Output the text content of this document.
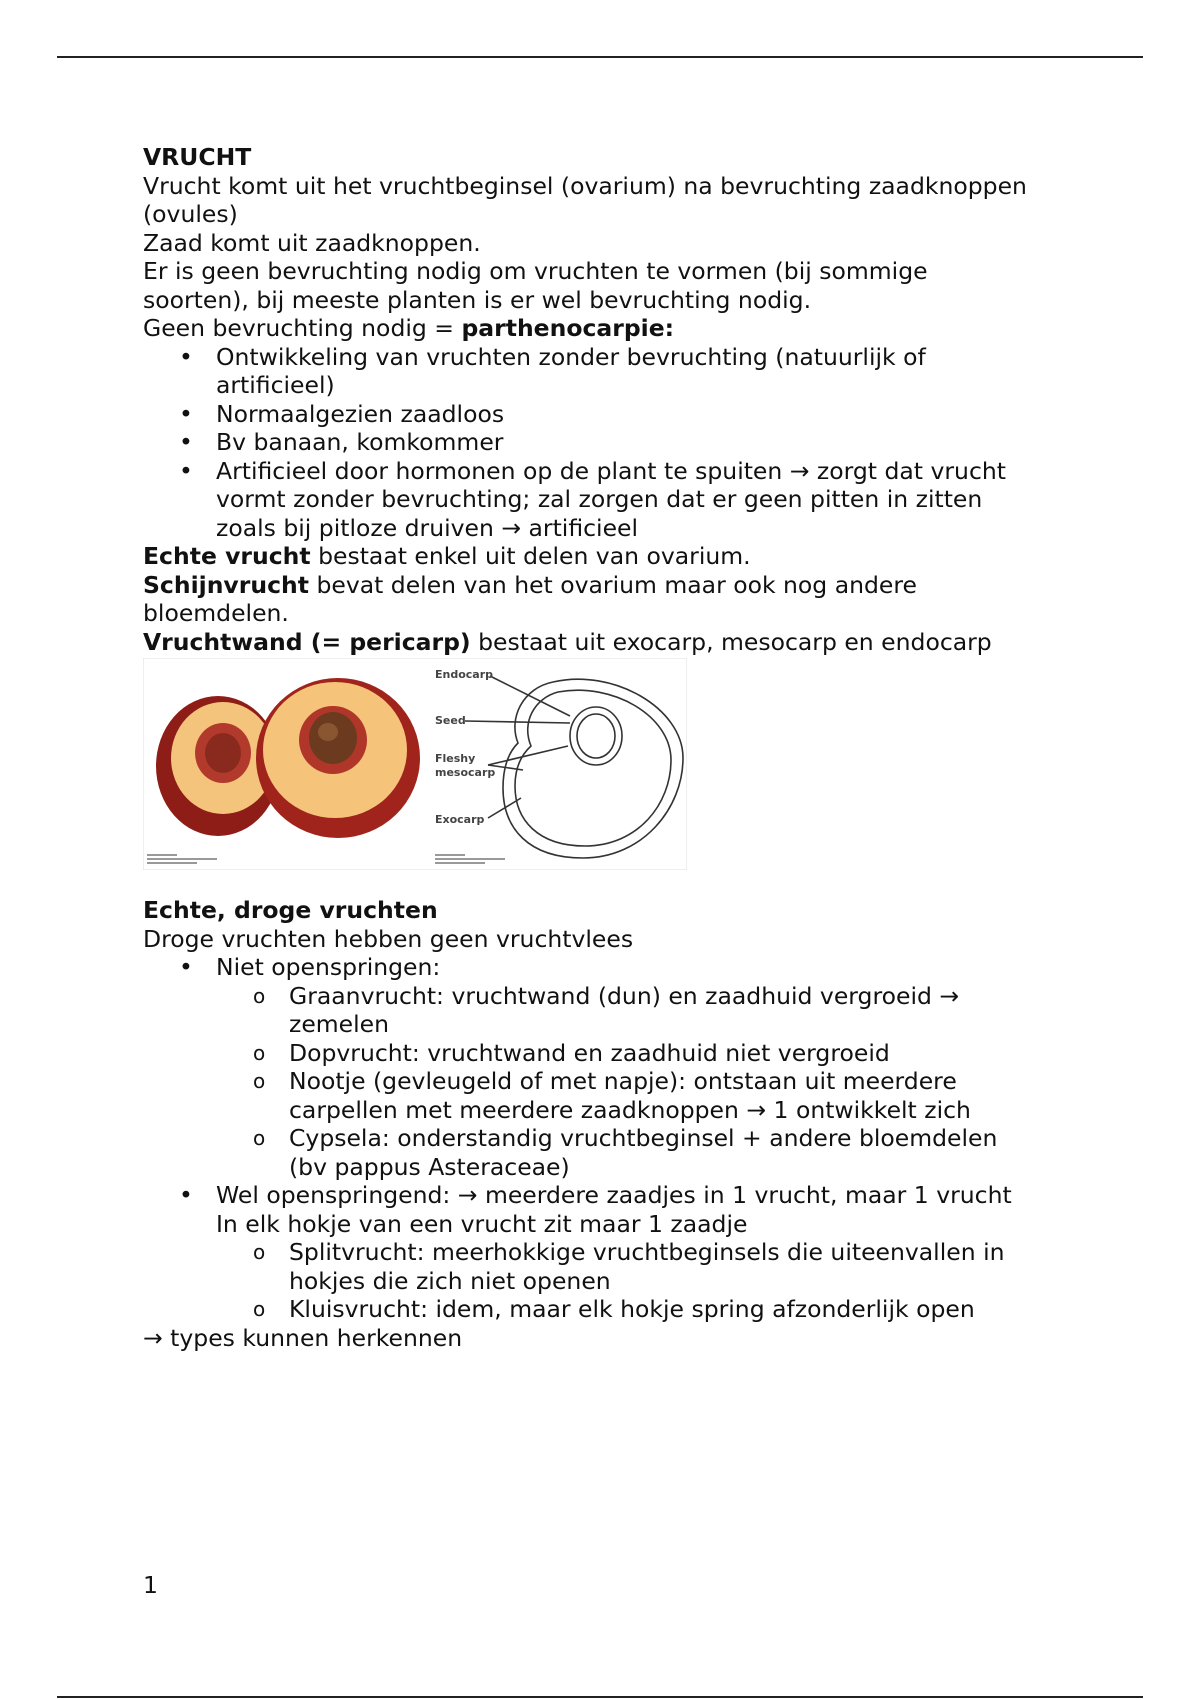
VRUCHT
Vrucht komt uit het vruchtbeginsel (ovarium) na bevruchting zaadknoppen
(ovules)
Zaad komt uit zaadknoppen.
Er is geen bevruchting nodig om vruchten te vormen (bij sommige
soorten), bij meeste planten is er wel bevruchting nodig.
Geen bevruchting nodig = parthenocarpie:
• Ontwikkeling van vruchten zonder bevruchting (natuurlijk of
artificieel)
• Normaalgezien zaadloos
• Bv banaan, komkommer
• Artificieel door hormonen op de plant te spuiten → zorgt dat vrucht
vormt zonder bevruchting; zal zorgen dat er geen pitten in zitten
zoals bij pitloze druiven → artificieel
Echte vrucht bestaat enkel uit delen van ovarium.
Schijnvrucht bevat delen van het ovarium maar ook nog andere
bloemdelen.
Vruchtwand (= pericarp) bestaat uit exocarp, mesocarp en endocarp
Endocarp
Seed
Fleshy
mesocarp
Exocarp
Echte, droge vruchten
Droge vruchten hebben geen vruchtvlees
• Niet openspringen:
o Graanvrucht: vruchtwand (dun) en zaadhuid vergroeid →
zemelen
o Dopvrucht: vruchtwand en zaadhuid niet vergroeid
o Nootje (gevleugeld of met napje): ontstaan uit meerdere
carpellen met meerdere zaadknoppen → 1 ontwikkelt zich
o Cypsela: onderstandig vruchtbeginsel + andere bloemdelen
(bv pappus Asteraceae)
• Wel openspringend: → meerdere zaadjes in 1 vrucht, maar 1 vrucht
In elk hokje van een vrucht zit maar 1 zaadje
o Splitvrucht: meerhokkige vruchtbeginsels die uiteenvallen in
hokjes die zich niet openen
o Kluisvrucht: idem, maar elk hokje spring afzonderlijk open
→ types kunnen herkennen
1
